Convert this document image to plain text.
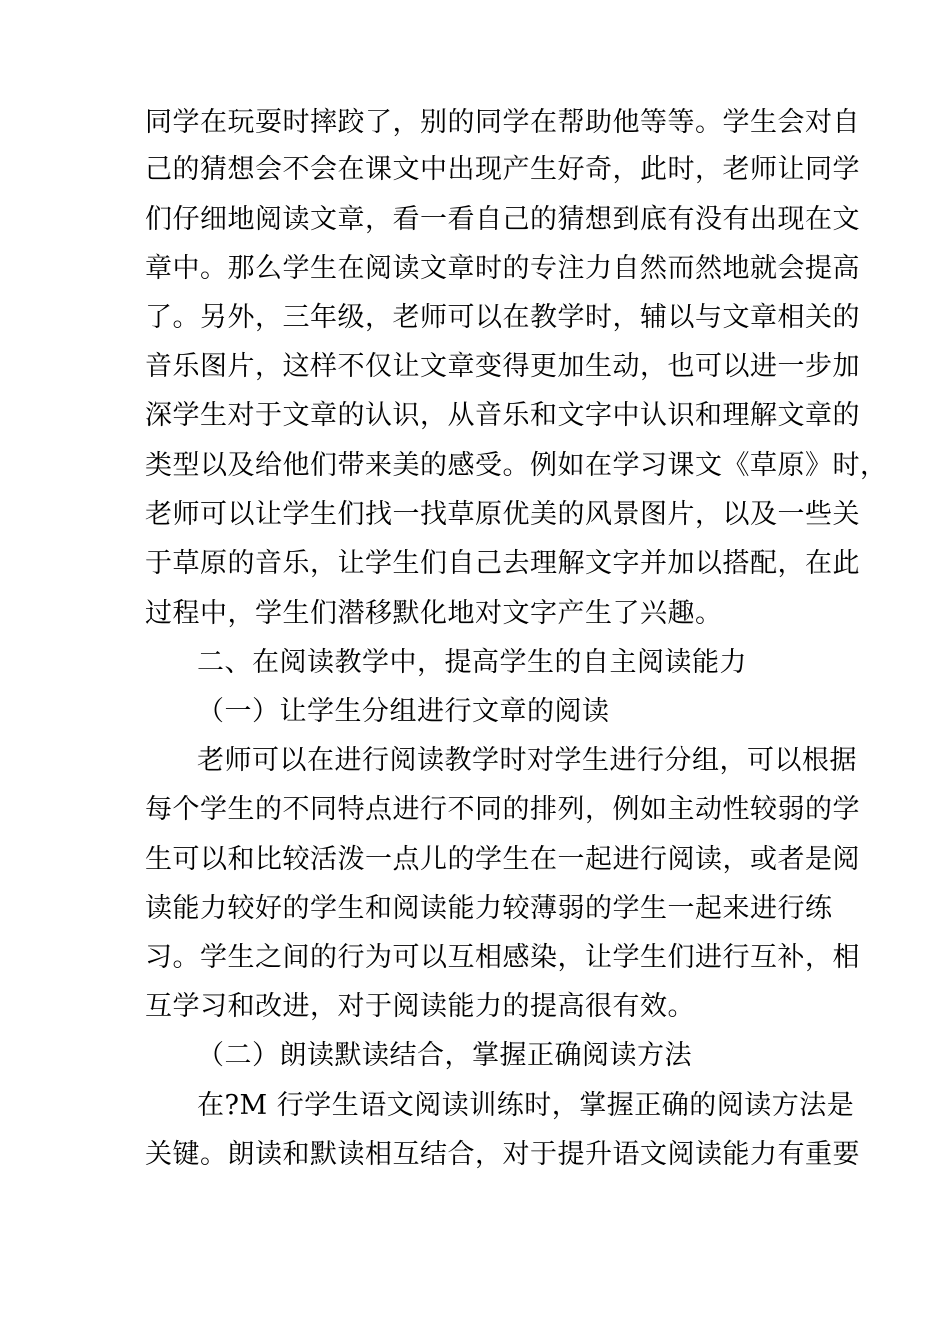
同学在玩耍时摔跤了，别的同学在帮助他等等。学生会对自
己的猜想会不会在课文中出现产生好奇，此时，老师让同学
们仔细地阅读文章，看一看自己的猜想到底有没有出现在文
章中。那么学生在阅读文章时的专注力自然而然地就会提高
了。另外，三年级，老师可以在教学时，辅以与文章相关的
音乐图片，这样不仅让文章变得更加生动，也可以进一步加
深学生对于文章的认识，从音乐和文字中认识和理解文章的
类型以及给他们带来美的感受。例如在学习课文《草原》时，
老师可以让学生们找一找草原优美的风景图片，以及一些关
于草原的音乐，让学生们自己去理解文字并加以搭配，在此
过程中，学生们潜移默化地对文字产生了兴趣。
二、在阅读教学中，提高学生的自主阅读能力
（一）让学生分组进行文章的阅读
老师可以在进行阅读教学时对学生进行分组，可以根据
每个学生的不同特点进行不同的排列，例如主动性较弱的学
生可以和比较活泼一点儿的学生在一起进行阅读，或者是阅
读能力较好的学生和阅读能力较薄弱的学生一起来进行练
习。学生之间的行为可以互相感染，让学生们进行互补，相
互学习和改进，对于阅读能力的提高很有效。
（二）朗读默读结合，掌握正确阅读方法
在?M 行学生语文阅读训练时，掌握正确的阅读方法是
关键。朗读和默读相互结合，对于提升语文阅读能力有重要
